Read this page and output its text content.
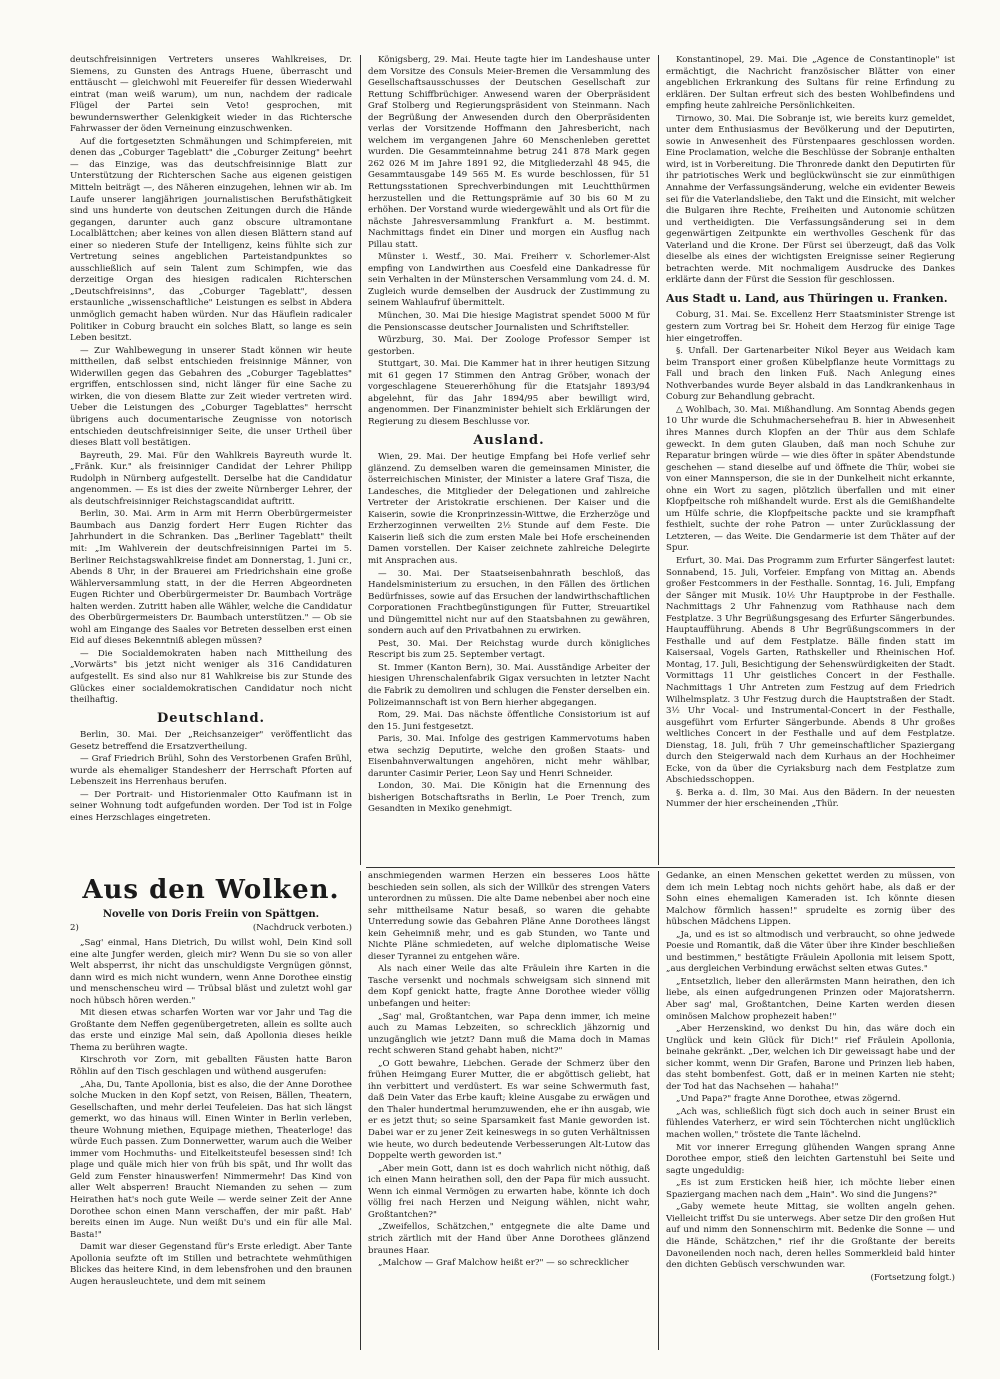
deutschfreisinnigen Vertreters unseres Wahlkreises, Dr. Siemens, zu Gunsten des Antrags Huene, überrascht und enttäuscht — gleichwohl mit Feuereifer für dessen Wiederwahl eintrat (man weiß warum), um nun, nachdem der radicale Flügel der Partei sein Veto! gesprochen, mit bewundernswerther Gelenkigkeit wieder in das Richtersche Fahrwasser der öden Verneinung einzuschwenken.

Auf die fortgesetzten Schmähungen und Schimpfereien, mit denen das „Coburger Tageblatt" die „Coburger Zeitung" beehrt — das Einzige, was das deutschfreisinnige Blatt zur Unterstützung der Richterschen Sache aus eigenen geistigen Mitteln beiträgt —, des Näheren einzugehen, lehnen wir ab. Im Laufe unserer langjährigen journalistischen Berufsthätigkeit sind uns hunderte von deutschen Zeitungen durch die Hände gegangen, darunter auch ganz obscure ultramontane Localblättchen; aber keines von allen diesen Blättern stand auf einer so niederen Stufe der Intelligenz, keins fühlte sich zur Vertretung seines angeblichen Parteistandpunktes so ausschließlich auf sein Talent zum Schimpfen, wie das derzeitige Organ des hiesigen radicalen Richterschen „Deutschfreisinns", das „Coburger Tageblatt", dessen erstaunliche „wissenschaftliche" Leistungen es selbst in Abdera unmöglich gemacht haben würden. Nur das Häuflein radicaler Politiker in Coburg braucht ein solches Blatt, so lange es sein Leben besitzt.

— Zur Wahlbewegung in unserer Stadt können wir heute mittheilen, daß selbst entschieden freisinnige Männer, von Widerwillen gegen das Gebahren des „Coburger Tageblattes" ergriffen, entschlossen sind, nicht länger für eine Sache zu wirken, die von diesem Blatte zur Zeit wieder vertreten wird. Ueber die Leistungen des „Coburger Tageblattes" herrscht übrigens auch documentarische Zeugnisse von notorisch entschieden deutschfreisinniger Seite, die unser Urtheil über dieses Blatt voll bestätigen.

Bayreuth, 29. Mai. Für den Wahlkreis Bayreuth wurde lt. „Fränk. Kur." als freisinniger Candidat der Lehrer Philipp Rudolph in Nürnberg aufgestellt. Derselbe hat die Candidatur angenommen. — Es ist dies der zweite Nürnberger Lehrer, der als deutschfreisinniger Reichstagscandidat auftritt.

Berlin, 30. Mai. Arm in Arm mit Herrn Oberbürgermeister Baumbach aus Danzig fordert Herr Eugen Richter das Jahrhundert in die Schranken. Das „Berliner Tageblatt" theilt mit: „Im Wahlverein der deutschfreisinnigen Partei im 5. Berliner Reichstagswahlkreise findet am Donnerstag, 1. Juni cr., Abends 8 Uhr, in der Brauerei am Friedrichshain eine große Wählerversammlung statt, in der die Herren Abgeordneten Eugen Richter und Oberbürgermeister Dr. Baumbach Vorträge halten werden. Zutritt haben alle Wähler, welche die Candidatur des Oberbürgermeisters Dr. Baumbach unterstützen." — Ob sie wohl am Eingange des Saales vor Betreten desselben erst einen Eid auf dieses Bekenntniß ablegen müssen?

— Die Socialdemokraten haben nach Mittheilung des „Vorwärts" bis jetzt nicht weniger als 316 Candidaturen aufgestellt. Es sind also nur 81 Wahlkreise bis zur Stunde des Glückes einer socialdemokratischen Candidatur noch nicht theilhaftig.

Deutschland.

Berlin, 30. Mai. Der „Reichsanzeiger" veröffentlicht das Gesetz betreffend die Ersatzvertheilung.

— Graf Friedrich Brühl, Sohn des Verstorbenen Grafen Brühl, wurde als ehemaliger Standesherr der Herrschaft Pforten auf Lebenszeit ins Herrenhaus berufen.

— Der Portrait- und Historienmaler Otto Kaufmann ist in seiner Wohnung todt aufgefunden worden. Der Tod ist in Folge eines Herzschlages eingetreten.

Königsberg, 29. Mai. Heute tagte hier im Landeshause unter dem Vorsitze des Consuls Meier-Bremen die Versammlung des Gesellschaftsausschusses der Deutschen Gesellschaft zur Rettung Schiffbrüchiger. Anwesend waren der Oberpräsident Graf Stolberg und Regierungspräsident von Steinmann. Nach der Begrüßung der Anwesenden durch den Oberpräsidenten verlas der Vorsitzende Hoffmann den Jahresbericht, nach welchem im vergangenen Jahre 60 Menschenleben gerettet wurden. Die Gesammteinnahme betrug 241 878 Mark gegen 262 026 M im Jahre 1891 92, die Mitgliederzahl 48 945, die Gesammtausgabe 149 565 M. Es wurde beschlossen, für 51 Rettungsstationen Sprechverbindungen mit Leuchtthürmen herzustellen und die Rettungsprämie auf 30 bis 60 M zu erhöhen. Der Vorstand wurde wiedergewählt und als Ort für die nächste Jahresversammlung Frankfurt a. M. bestimmt. Nachmittags findet ein Diner und morgen ein Ausflug nach Pillau statt.

Münster i. Westf., 30. Mai. Freiherr v. Schorlemer-Alst empfing von Landwirthen aus Coesfeld eine Dankadresse für sein Verhalten in der Münsterschen Versammlung vom 24. d. M. Zugleich wurde demselben der Ausdruck der Zustimmung zu seinem Wahlaufruf übermittelt.

München, 30. Mai Die hiesige Magistrat spendet 5000 M für die Pensionscasse deutscher Journalisten und Schriftsteller.

Würzburg, 30. Mai. Der Zoologe Professor Semper ist gestorben.

Stuttgart, 30. Mai. Die Kammer hat in ihrer heutigen Sitzung mit 61 gegen 17 Stimmen den Antrag Gröber, wonach der vorgeschlagene Steuererhöhung für die Etatsjahr 1893/94 abgelehnt, für das Jahr 1894/95 aber bewilligt wird, angenommen. Der Finanzminister behielt sich Erklärungen der Regierung zu diesem Beschlusse vor.

Ausland.

Wien, 29. Mai. Der heutige Empfang bei Hofe verlief sehr glänzend. Zu demselben waren die gemeinsamen Minister, die österreichischen Minister, der Minister a latere Graf Tisza, die Landesches, die Mitglieder der Delegationen und zahlreiche Vertreter der Aristokratie erschienen. Der Kaiser und die Kaiserin, sowie die Kronprinzessin-Wittwe, die Erzherzöge und Erzherzoginnen verweilten 2½ Stunde auf dem Feste. Die Kaiserin ließ sich die zum ersten Male bei Hofe erscheinenden Damen vorstellen. Der Kaiser zeichnete zahlreiche Delegirte mit Ansprachen aus.

— 30. Mai. Der Staatseisenbahnrath beschloß, das Handelsministerium zu ersuchen, in den Fällen des örtlichen Bedürfnisses, sowie auf das Ersuchen der landwirthschaftlichen Corporationen Frachtbegünstigungen für Futter, Streuartikel und Düngemittel nicht nur auf den Staatsbahnen zu gewähren, sondern auch auf den Privatbahnen zu erwirken.

Pest, 30. Mai. Der Reichstag wurde durch königliches Rescript bis zum 25. September vertagt.

St. Immer (Kanton Bern), 30. Mai. Ausständige Arbeiter der hiesigen Uhrenschalenfabrik Gigax versuchten in letzter Nacht die Fabrik zu demoliren und schlugen die Fenster derselben ein. Polizeimannschaft ist von Bern hierher abgegangen.

Rom, 29. Mai. Das nächste öffentliche Consistorium ist auf den 15. Juni festgesetzt.

Paris, 30. Mai. Infolge des gestrigen Kammervotums haben etwa sechzig Deputirte, welche den großen Staats- und Eisenbahnverwaltungen angehören, nicht mehr wählbar, darunter Casimir Perier, Leon Say und Henri Schneider.

London, 30. Mai. Die Königin hat die Ernennung des bisherigen Botschaftsraths in Berlin, Le Poer Trench, zum Gesandten in Mexiko genehmigt.

Konstantinopel, 29. Mai. Die „Agence de Constantinople" ist ermächtigt, die Nachricht französischer Blätter von einer angeblichen Erkrankung des Sultans für reine Erfindung zu erklären. Der Sultan erfreut sich des besten Wohlbefindens und empfing heute zahlreiche Persönlichkeiten.

Tirnowo, 30. Mai. Die Sobranje ist, wie bereits kurz gemeldet, unter dem Enthusiasmus der Bevölkerung und der Deputirten, sowie in Anwesenheit des Fürstenpaares geschlossen worden. Eine Proclamation, welche die Beschlüsse der Sobranje enthalten wird, ist in Vorbereitung. Die Thronrede dankt den Deputirten für ihr patriotisches Werk und beglückwünscht sie zur einmüthigen Annahme der Verfassungsänderung, welche ein evidenter Beweis sei für die Vaterlandsliebe, den Takt und die Einsicht, mit welcher die Bulgaren ihre Rechte, Freiheiten und Autonomie schützen und vertheidigten. Die Verfassungsänderung sei in dem gegenwärtigen Zeitpunkte ein werthvolles Geschenk für das Vaterland und die Krone. Der Fürst sei überzeugt, daß das Volk dieselbe als eines der wichtigsten Ereignisse seiner Regierung betrachten werde. Mit nochmaligem Ausdrucke des Dankes erklärte dann der Fürst die Session für geschlossen.

Aus Stadt u. Land, aus Thüringen u. Franken.

Coburg, 31. Mai. Se. Excellenz Herr Staatsminister Strenge ist gestern zum Vortrag bei Sr. Hoheit dem Herzog für einige Tage hier eingetroffen.

§. Unfall. Der Gartenarbeiter Nikol Beyer aus Weidach kam beim Transport einer großen Kübelpflanze heute Vormittags zu Fall und brach den linken Fuß. Nach Anlegung eines Nothverbandes wurde Beyer alsbald in das Landkrankenhaus in Coburg zur Behandlung gebracht.

△ Wohlbach, 30. Mai. Mißhandlung. Am Sonntag Abends gegen 10 Uhr wurde die Schuhmachersehefrau B. hier in Abwesenheit ihres Mannes durch Klopfen an der Thür aus dem Schlafe geweckt. In dem guten Glauben, daß man noch Schuhe zur Reparatur bringen würde — wie dies öfter in später Abendstunde geschehen — stand dieselbe auf und öffnete die Thür, wobei sie von einer Mannsperson, die sie in der Dunkelheit nicht erkannte, ohne ein Wort zu sagen, plötzlich überfallen und mit einer Klopfpeitsche roh mißhandelt wurde. Erst als die Gemißhandelte um Hülfe schrie, die Klopfpeitsche packte und sie krampfhaft festhielt, suchte der rohe Patron — unter Zurücklassung der Letzteren, — das Weite. Die Gendarmerie ist dem Thäter auf der Spur.

Erfurt, 30. Mai. Das Programm zum Erfurter Sängerfest lautet: Sonnabend, 15. Juli, Vorfeier. Empfang von Mittag an. Abends großer Festcommers in der Festhalle. Sonntag, 16. Juli, Empfang der Sänger mit Musik. 10½ Uhr Hauptprobe in der Festhalle. Nachmittags 2 Uhr Fahnenzug vom Rathhause nach dem Festplatze. 3 Uhr Begrüßungsgesang des Erfurter Sängerbundes. Hauptaufführung. Abends 8 Uhr Begrüßungscommers in der Festhalle und auf dem Festplatze. Bälle finden statt im Kaisersaal, Vogels Garten, Rathskeller und Rheinischen Hof. Montag, 17. Juli, Besichtigung der Sehenswürdigkeiten der Stadt. Vormittags 11 Uhr geistliches Concert in der Festhalle. Nachmittags 1 Uhr Antreten zum Festzug auf dem Friedrich Wilhelmsplatz. 3 Uhr Festzug durch die Hauptstraßen der Stadt. 3½ Uhr Vocal- und Instrumental-Concert in der Festhalle, ausgeführt vom Erfurter Sängerbunde. Abends 8 Uhr großes weltliches Concert in der Festhalle und auf dem Festplatze. Dienstag, 18. Juli, früh 7 Uhr gemeinschaftlicher Spaziergang durch den Steigerwald nach dem Kurhaus an der Hochheimer Ecke, von da über die Cyriaksburg nach dem Festplatze zum Abschiedsschoppen.

§. Berka a. d. Ilm, 30 Mai. Aus den Bädern. In der neuesten Nummer der hier erscheinenden „Thür.

Aus den Wolken.
Novelle von Doris Freiin von Spättgen.
2)	(Nachdruck verboten.)

„Sag' einmal, Hans Dietrich, Du willst wohl, Dein Kind soll eine alte Jungfer werden, gleich mir? Wenn Du sie so von aller Welt absperrst, ihr nicht das unschuldigste Vergnügen gönnst, dann wird es mich nicht wundern, wenn Anne Dorothee einstig und menschenscheu wird — Trübsal bläst und zuletzt wohl gar noch hübsch hören werden."

Mit diesen etwas scharfen Worten war vor Jahr und Tag die Großtante dem Neffen gegenübergetreten, allein es sollte auch das erste und einzige Mal sein, daß Apollonia dieses heikle Thema zu berühren wagte.

Kirschroth vor Zorn, mit geballten Fäusten hatte Baron Röhlin auf den Tisch geschlagen und wüthend ausgerufen:

„Aha, Du, Tante Apollonia, bist es also, die der Anne Dorothee solche Mucken in den Kopf setzt, von Reisen, Bällen, Theatern, Gesellschaften, und mehr derlei Teufeleien. Das hat sich längst gemerkt, wo das hinaus will. Einen Winter in Berlin verleben, theure Wohnung miethen, Equipage miethen, Theaterloge! das würde Euch passen. Zum Donnerwetter, warum auch die Weiber immer vom Hochmuths- und Eitelkeitsteufel besessen sind! Ich plage und quäle mich hier von früh bis spät, und Ihr wollt das Geld zum Fenster hinauswerfen! Nimmermehr! Das Kind von aller Welt absperren! Braucht Niemanden zu sehen — zum Heirathen hat's noch gute Weile — werde seiner Zeit der Anne Dorothee schon einen Mann verschaffen, der mir paßt. Hab' bereits einen im Auge. Nun weißt Du's und ein für alle Mal. Basta!"

Damit war dieser Gegenstand für's Erste erledigt. Aber Tante Apollonia seufzte oft im Stillen und betrachtete wehmüthigen Blickes das heitere Kind, in dem lebensfrohen und den braunen Augen herausleuchtete, und dem mit seinem

anschmiegenden warmen Herzen ein besseres Loos hätte beschieden sein sollen, als sich der Willkür des strengen Vaters unterordnen zu müssen. Die alte Dame nebenbei aber noch eine sehr mittheilsame Natur besaß, so waren die gehabte Unterredung sowie das Gebahren Pläne Anne Dorothees längst kein Geheimniß mehr, und es gab Stunden, wo Tante und Nichte Pläne schmiedeten, auf welche diplomatische Weise dieser Tyrannei zu entgehen wäre.

Als nach einer Weile das alte Fräulein ihre Karten in die Tasche versenkt und nochmals schweigsam sich sinnend mit dem Kopf genickt hatte, fragte Anne Dorothee wieder völlig unbefangen und heiter:

„Sag' mal, Großtantchen, war Papa denn immer, ich meine auch zu Mamas Lebzeiten, so schrecklich jähzornig und unzugänglich wie jetzt? Dann muß die Mama doch in Mamas recht schweren Stand gehabt haben, nicht?"

„O Gott bewahre, Liebchen. Gerade der Schmerz über den frühen Heimgang Eurer Mutter, die er abgöttisch geliebt, hat ihn verbittert und verdüstert. Es war seine Schwermuth fast, daß Dein Vater das Erbe kauft; kleine Ausgabe zu erwägen und den Thaler hundertmal herumzuwenden, ehe er ihn ausgab, wie er es jetzt thut; so seine Sparsamkeit fast Manie geworden ist. Dabei war er zu jener Zeit keineswegs in so guten Verhältnissen wie heute, wo durch bedeutende Verbesserungen Alt-Lutow das Doppelte werth geworden ist."

„Aber mein Gott, dann ist es doch wahrlich nicht nöthig, daß ich einen Mann heirathen soll, den der Papa für mich aussucht. Wenn ich einmal Vermögen zu erwarten habe, könnte ich doch völlig frei nach Herzen und Neigung wählen, nicht wahr, Großtantchen?"

„Zweifellos, Schätzchen," entgegnete die alte Dame und strich zärtlich mit der Hand über Anne Dorothees glänzend braunes Haar.

„Malchow — Graf Malchow heißt er?" — so schrecklicher

Gedanke, an einen Menschen gekettet werden zu müssen, von dem ich mein Lebtag noch nichts gehört habe, als daß er der Sohn eines ehemaligen Kameraden ist. Ich könnte diesen Malchow förmlich hassen!" sprudelte es zornig über des hübschen Mädchens Lippen.

„Ja, und es ist so altmodisch und verbraucht, so ohne jedwede Poesie und Romantik, daß die Väter über ihre Kinder beschließen und bestimmen," bestätigte Fräulein Apollonia mit leisem Spott, „aus dergleichen Verbindung erwächst selten etwas Gutes."

„Entsetzlich, lieber den allerärmsten Mann heirathen, den ich liebe, als einen aufgedrungenen Prinzen oder Majoratsherrn. Aber sag' mal, Großtantchen, Deine Karten werden diesen ominösen Malchow prophezeit haben!"

„Aber Herzenskind, wo denkst Du hin, das wäre doch ein Unglück und kein Glück für Dich!" rief Fräulein Apollonia, beinahe gekränkt. „Der, welchen ich Dir geweissagt habe und der sicher kommt, wenn Dir Grafen, Barone und Prinzen lieb haben, das steht bombenfest. Gott, daß er in meinen Karten nie steht; der Tod hat das Nachsehen — hahaha!"

„Und Papa?" fragte Anne Dorothee, etwas zögernd.

„Ach was, schließlich fügt sich doch auch in seiner Brust ein fühlendes Vaterherz, er wird sein Töchterchen nicht unglücklich machen wollen," tröstete die Tante lächelnd.

Mit vor innerer Erregung glühenden Wangen sprang Anne Dorothee empor, stieß den leichten Gartenstuhl bei Seite und sagte ungeduldig:

„Es ist zum Ersticken heiß hier, ich möchte lieber einen Spaziergang machen nach dem „Hain". Wo sind die Jungens?"

„Gaby wemete heute Mittag, sie wollten angeln gehen. Vielleicht triffst Du sie unterwegs. Aber setze Dir den großen Hut auf und nimm den Sonnenschirm mit. Bedenke die Sonne — und die Hände, Schätzchen," rief ihr die Großtante der bereits Davoneilenden noch nach, deren helles Sommerkleid bald hinter den dichten Gebüsch verschwunden war.

(Fortsetzung folgt.)
